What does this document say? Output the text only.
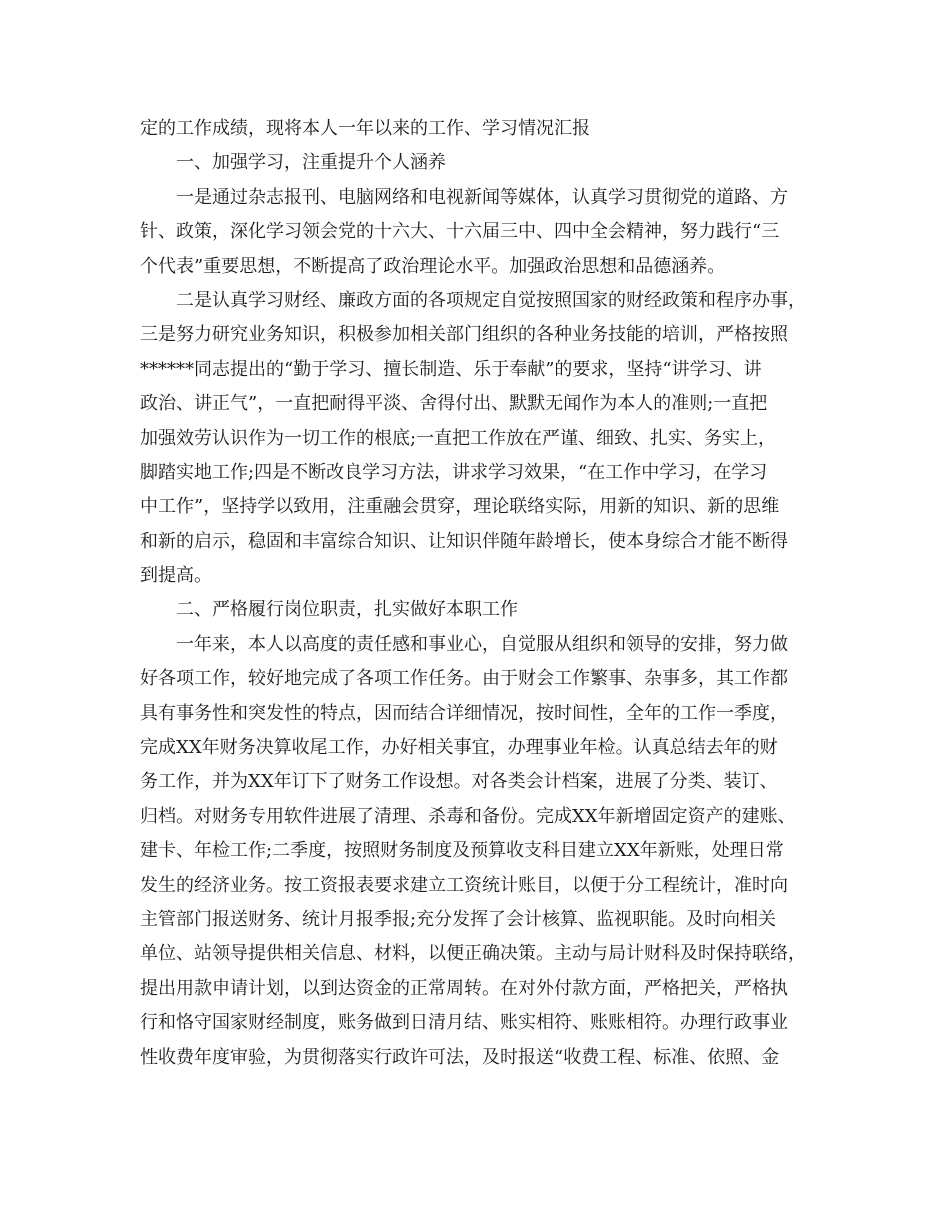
定的工作成绩，现将本人一年以来的工作、学习情况汇报
一、加强学习，注重提升个人涵养
一是通过杂志报刊、电脑网络和电视新闻等媒体，认真学习贯彻党的道路、方
针、政策，深化学习领会党的十六大、十六届三中、四中全会精神，努力践行“三
个代表”重要思想，不断提高了政治理论水平。加强政治思想和品德涵养。
二是认真学习财经、廉政方面的各项规定自觉按照国家的财经政策和程序办事，
三是努力研究业务知识，积极参加相关部门组织的各种业务技能的培训，严格按照
******同志提出的“勤于学习、擅长制造、乐于奉献”的要求，坚持“讲学习、讲
政治、讲正气”，一直把耐得平淡、舍得付出、默默无闻作为本人的准则;一直把
加强效劳认识作为一切工作的根底;一直把工作放在严谨、细致、扎实、务实上，
脚踏实地工作;四是不断改良学习方法，讲求学习效果，“在工作中学习，在学习
中工作”，坚持学以致用，注重融会贯穿，理论联络实际，用新的知识、新的思维
和新的启示，稳固和丰富综合知识、让知识伴随年龄增长，使本身综合才能不断得
到提高。
二、严格履行岗位职责，扎实做好本职工作
一年来，本人以高度的责任感和事业心，自觉服从组织和领导的安排，努力做
好各项工作，较好地完成了各项工作任务。由于财会工作繁事、杂事多，其工作都
具有事务性和突发性的特点，因而结合详细情况，按时间性，全年的工作一季度，
完成XX年财务决算收尾工作，办好相关事宜，办理事业年检。认真总结去年的财
务工作，并为XX年订下了财务工作设想。对各类会计档案，进展了分类、装订、
归档。对财务专用软件进展了清理、杀毒和备份。完成XX年新增固定资产的建账、
建卡、年检工作;二季度，按照财务制度及预算收支科目建立XX年新账，处理日常
发生的经济业务。按工资报表要求建立工资统计账目，以便于分工程统计，准时向
主管部门报送财务、统计月报季报;充分发挥了会计核算、监视职能。及时向相关
单位、站领导提供相关信息、材料，以便正确决策。主动与局计财科及时保持联络，
提出用款申请计划，以到达资金的正常周转。在对外付款方面，严格把关，严格执
行和恪守国家财经制度，账务做到日清月结、账实相符、账账相符。办理行政事业
性收费年度审验，为贯彻落实行政许可法，及时报送“收费工程、标准、依照、金
